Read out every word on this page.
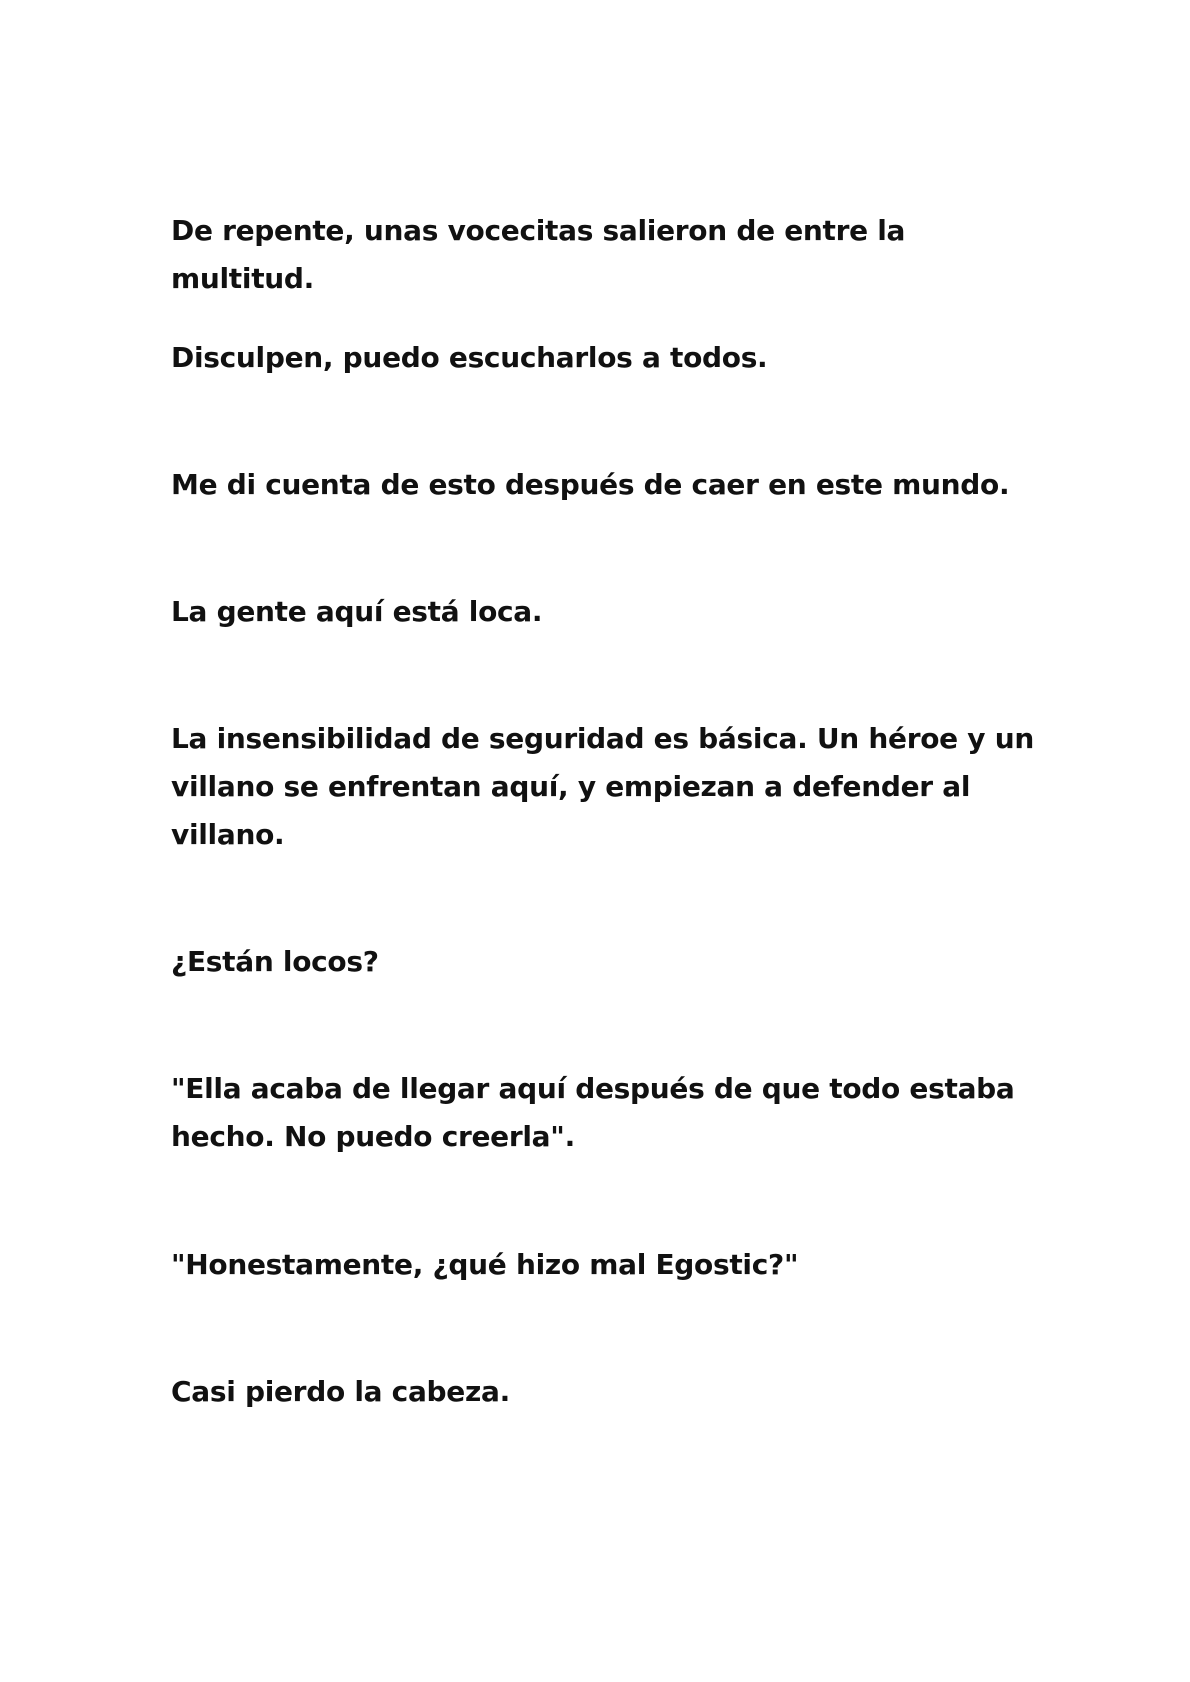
De repente, unas vocecitas salieron de entre la multitud.

Disculpen, puedo escucharlos a todos.

Me di cuenta de esto después de caer en este mundo.

La gente aquí está loca.

La insensibilidad de seguridad es básica. Un héroe y un villano se enfrentan aquí, y empiezan a defender al villano.

¿Están locos?

"Ella acaba de llegar aquí después de que todo estaba hecho. No puedo creerla".

"Honestamente, ¿qué hizo mal Egostic?"

Casi pierdo la cabeza.
